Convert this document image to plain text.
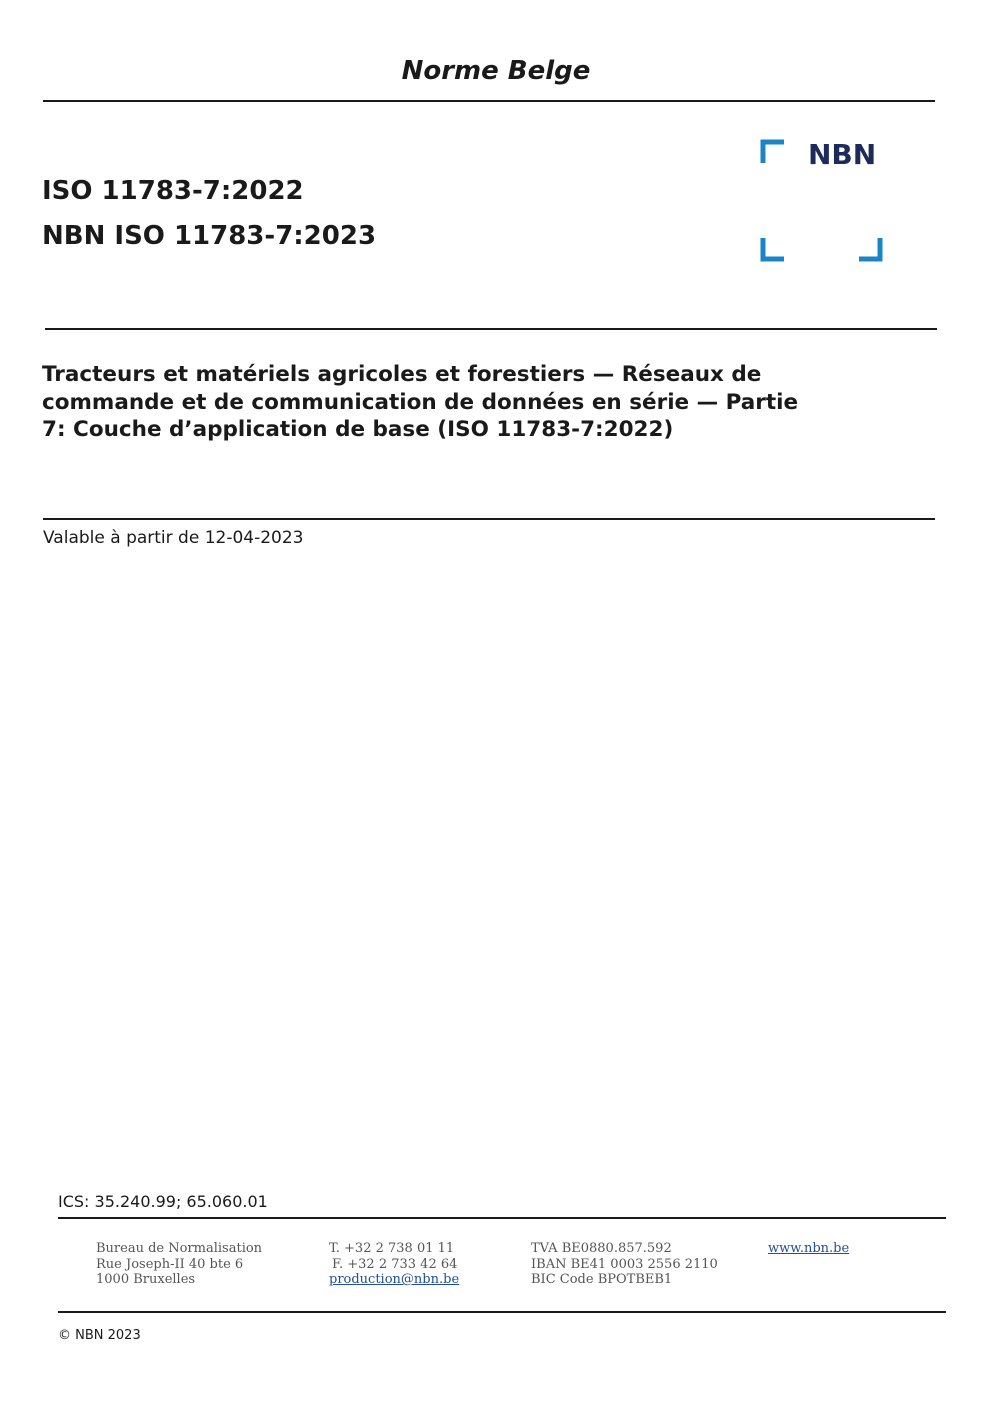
Norme Belge
ISO 11783-7:2022
NBN ISO 11783-7:2023
NBN
Tracteurs et matériels agricoles et forestiers — Réseaux de
commande et de communication de données en série — Partie
7: Couche d’application de base (ISO 11783-7:2022)
Valable à partir de 12-04-2023
ICS: 35.240.99; 65.060.01
Bureau de Normalisation
Rue Joseph-II 40 bte 6
1000 Bruxelles
T. +32 2 738 01 11
F. +32 2 733 42 64
production@nbn.be
TVA BE0880.857.592
IBAN BE41 0003 2556 2110
BIC Code BPOTBEB1
www.nbn.be
© NBN 2023
